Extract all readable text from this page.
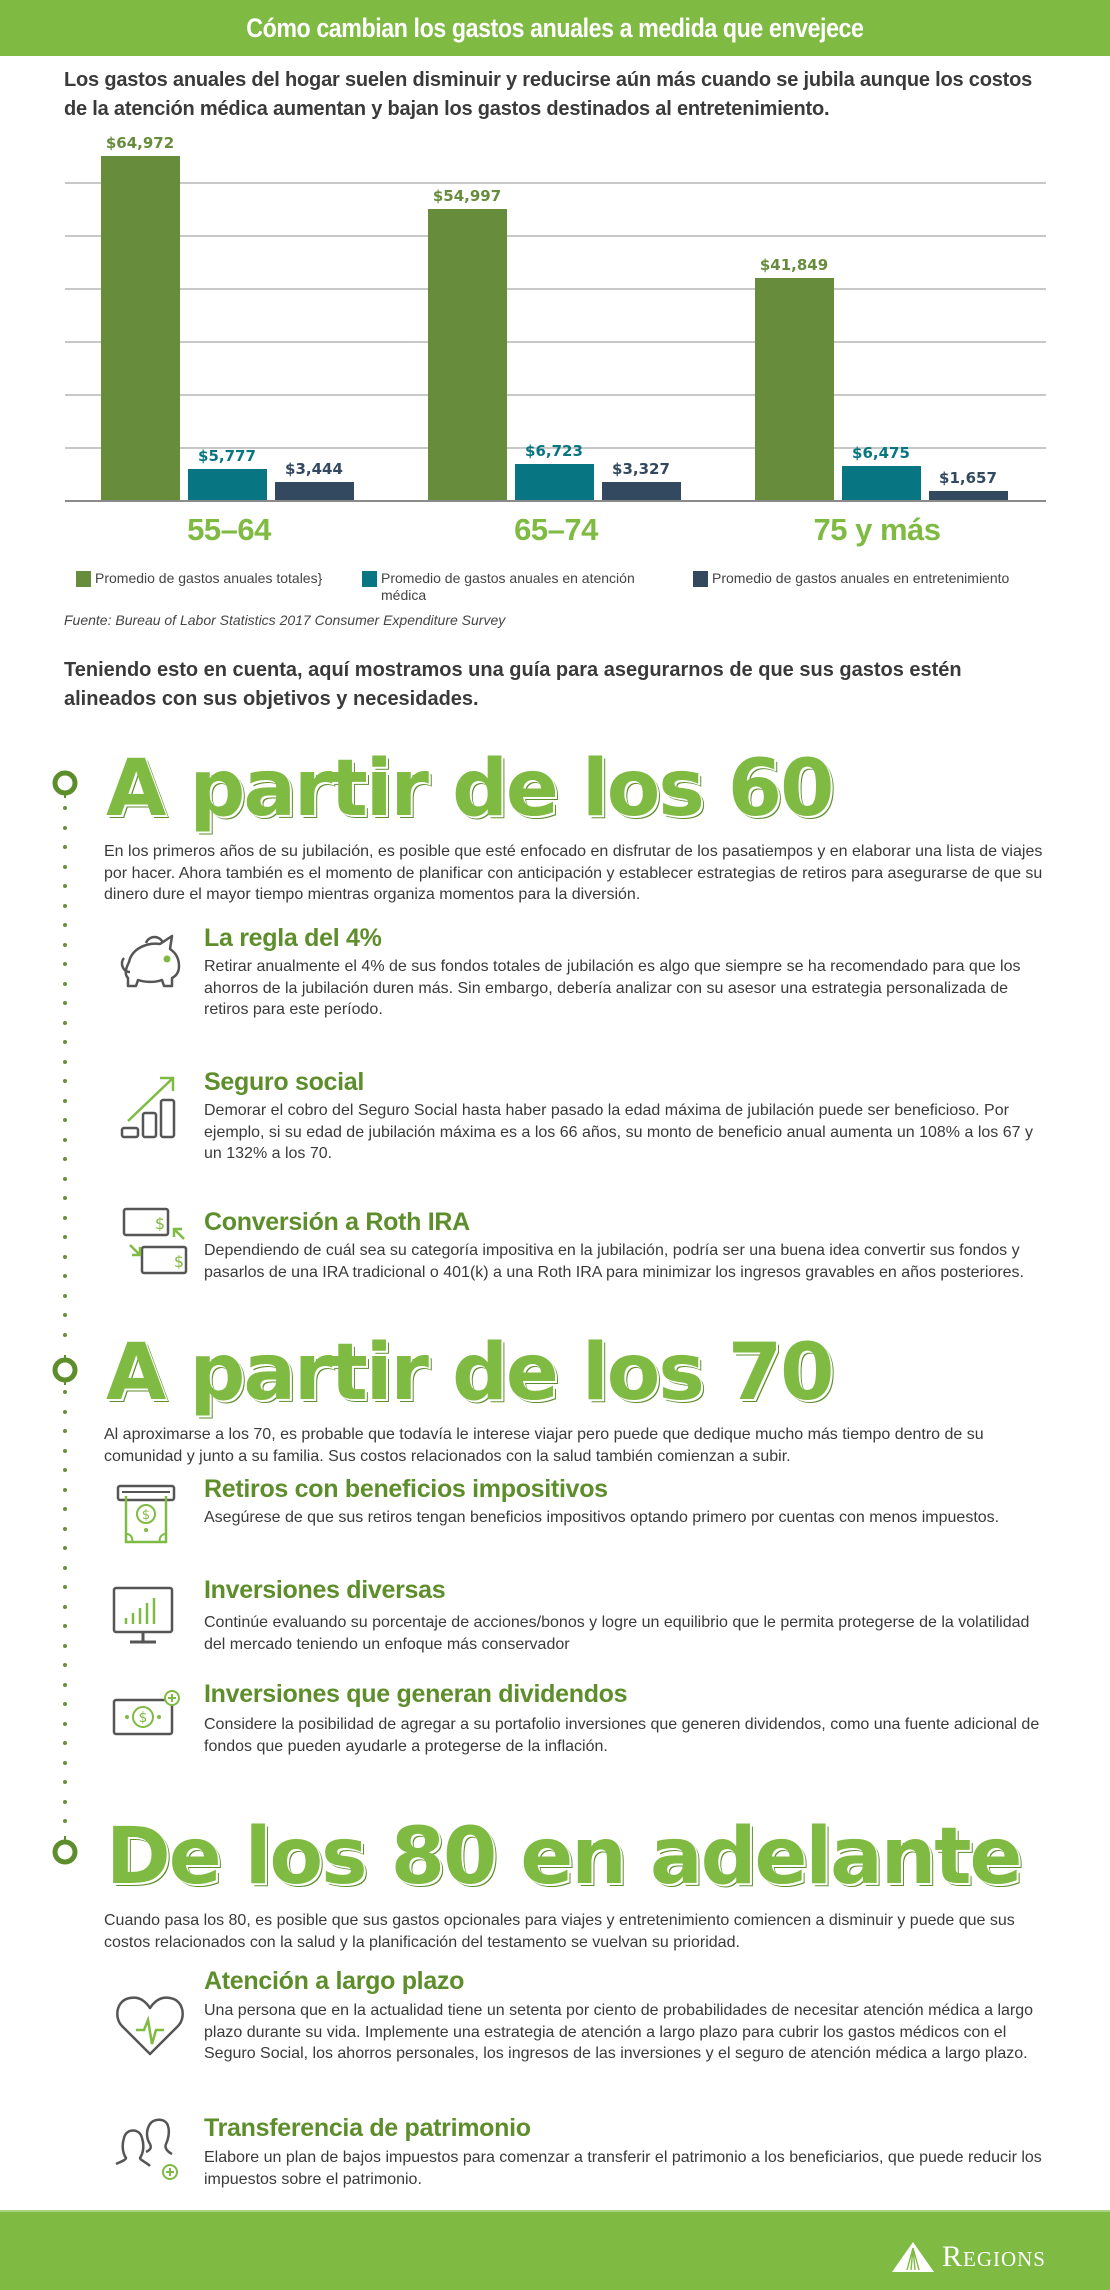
Cómo cambian los gastos anuales a medida que envejece
Los gastos anuales del hogar suelen disminuir y reducirse aún más cuando se jubila aunque los costos de la atención médica aumentan y bajan los gastos destinados al entretenimiento.
$64,972
$5,777
$3,444
$54,997
$6,723
$3,327
$41,849
$6,475
$1,657
55–64	65–74	75 y más
Promedio de gastos anuales totales }	Promedio de gastos anuales en atención médica
Promedio de gastos anuales en entretenimiento
Fuente: Bureau of Labor Statistics 2017 Consumer Expenditure Survey
Teniendo esto en cuenta, aquí mostramos una guía para asegurarnos de que sus gastos estén alineados con sus objetivos y necesidades.
A partir de los 60
En los primeros años de su jubilación, es posible que esté enfocado en disfrutar de los pasatiempos y en elaborar una lista de viajes por hacer. Ahora también es el momento de planificar con anticipación y establecer estrategias de retiros para asegurarse de que su dinero dure el mayor tiempo mientras organiza momentos para la diversión.
La regla del 4%
Retirar anualmente el 4% de sus fondos totales de jubilación es algo que siempre se ha recomendado para que los ahorros de la jubilación duren más. Sin embargo, debería analizar con su asesor una estrategia personalizada de retiros para este período.
Seguro social
Demorar el cobro del Seguro Social hasta haber pasado la edad máxima de jubilación puede ser beneficioso. Por ejemplo, si su edad de jubilación máxima es a los 66 años, su monto de beneficio anual aumenta un 108% a los 67 y un 132% a los 70.
$
$
Conversión a Roth IRA
Dependiendo de cuál sea su categoría impositiva en la jubilación, podría ser una buena idea convertir sus fondos y pasarlos de una IRA tradicional o 401(k) a una Roth IRA para minimizar los ingresos gravables en años posteriores.
A partir de los 70
Al aproximarse a los 70, es probable que todavía le interese viajar pero puede que dedique mucho más tiempo dentro de su comunidad y junto a su familia. Sus costos relacionados con la salud también comienzan a subir.
$
Retiros con beneficios impositivos
Asegúrese de que sus retiros tengan beneficios impositivos optando primero por cuentas con menos impuestos.
Inversiones diversas
Continúe evaluando su porcentaje de acciones/bonos y logre un equilibrio que le permita protegerse de la volatilidad del mercado teniendo un enfoque más conservador
$
Inversiones que generan dividendos
Considere la posibilidad de agregar a su portafolio inversiones que generen dividendos, como una fuente adicional de fondos que pueden ayudarle a protegerse de la inflación.
De los 80 en adelante
Cuando pasa los 80, es posible que sus gastos opcionales para viajes y entretenimiento comiencen a disminuir y puede que sus costos relacionados con la salud y la planificación del testamento se vuelvan su prioridad.
Atención a largo plazo
Una persona que en la actualidad tiene un setenta por ciento de probabilidades de necesitar atención médica a largo plazo durante su vida. Implemente una estrategia de atención a largo plazo para cubrir los gastos médicos con el Seguro Social, los ahorros personales, los ingresos de las inversiones y el seguro de atención médica a largo plazo.
Transferencia de patrimonio
Elabore un plan de bajos impuestos para comenzar a transferir el patrimonio a los beneficiarios, que puede reducir los impuestos sobre el patrimonio.
Regions
